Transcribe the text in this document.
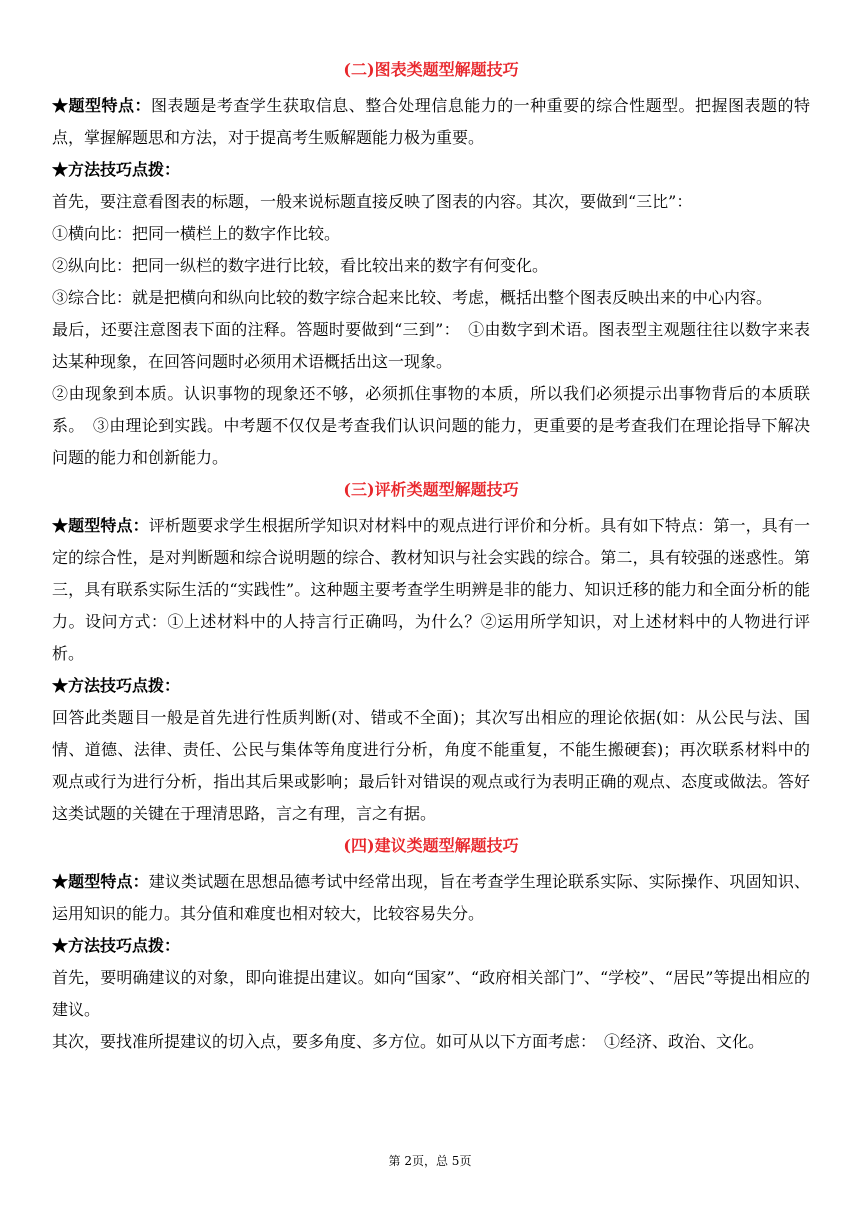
(二)图表类题型解题技巧

★题型特点：图表题是考查学生获取信息、整合处理信息能力的一种重要的综合性题型。把握图表题的特点，掌握解题思和方法，对于提高考生贩解题能力极为重要。

★方法技巧点拨：

首先，要注意看图表的标题，一般来说标题直接反映了图表的内容。其次，要做到“三比”：

①横向比：把同一横栏上的数字作比较。

②纵向比：把同一纵栏的数字进行比较，看比较出来的数字有何变化。

③综合比：就是把横向和纵向比较的数字综合起来比较、考虑，概括出整个图表反映出来的中心内容。

最后，还要注意图表下面的注释。答题时要做到“三到”：　①由数字到术语。图表型主观题往往以数字来表达某种现象，在回答问题时必须用术语概括出这一现象。

②由现象到本质。认识事物的现象还不够，必须抓住事物的本质，所以我们必须提示出事物背后的本质联系。　③由理论到实践。中考题不仅仅是考查我们认识问题的能力，更重要的是考查我们在理论指导下解决问题的能力和创新能力。

(三)评析类题型解题技巧

★题型特点：评析题要求学生根据所学知识对材料中的观点进行评价和分析。具有如下特点：第一，具有一定的综合性，是对判断题和综合说明题的综合、教材知识与社会实践的综合。第二，具有较强的迷惑性。第三，具有联系实际生活的“实践性”。这种题主要考查学生明辨是非的能力、知识迁移的能力和全面分析的能力。设问方式：①上述材料中的人持言行正确吗，为什么？②运用所学知识，对上述材料中的人物进行评析。

★方法技巧点拨：

回答此类题目一般是首先进行性质判断(对、错或不全面)；其次写出相应的理论依据(如：从公民与法、国情、道德、法律、责任、公民与集体等角度进行分析，角度不能重复，不能生搬硬套)；再次联系材料中的观点或行为进行分析，指出其后果或影响；最后针对错误的观点或行为表明正确的观点、态度或做法。答好这类试题的关键在于理清思路，言之有理，言之有据。

(四)建议类题型解题技巧

★题型特点：建议类试题在思想品德考试中经常出现，旨在考查学生理论联系实际、实际操作、巩固知识、运用知识的能力。其分值和难度也相对较大，比较容易失分。

★方法技巧点拨：

首先，要明确建议的对象，即向谁提出建议。如向“国家”、“政府相关部门”、“学校”、“居民”等提出相应的建议。

其次，要找准所提建议的切入点，要多角度、多方位。如可从以下方面考虑：　①经济、政治、文化。

第 2页，总 5页
